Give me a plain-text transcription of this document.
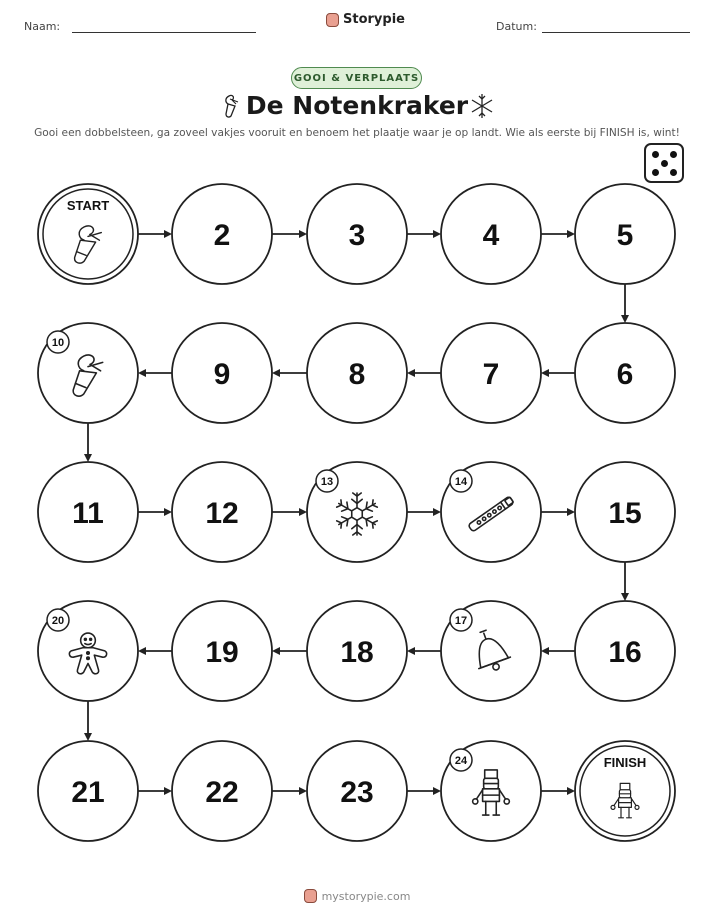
Naam:	Storypie	Datum:
GOOI & VERPLAATS
De Notenkraker
Gooi een dobbelsteen, ga zoveel vakjes vooruit en benoem het plaatje waar je op landt. Wie als eerste bij FINISH is, wint!
START
2	3	4	5
6
7
8
9
10
11	12
13	14
15
16
17
18
19
20
21	22	23
24	FINISH
mystorypie.com
